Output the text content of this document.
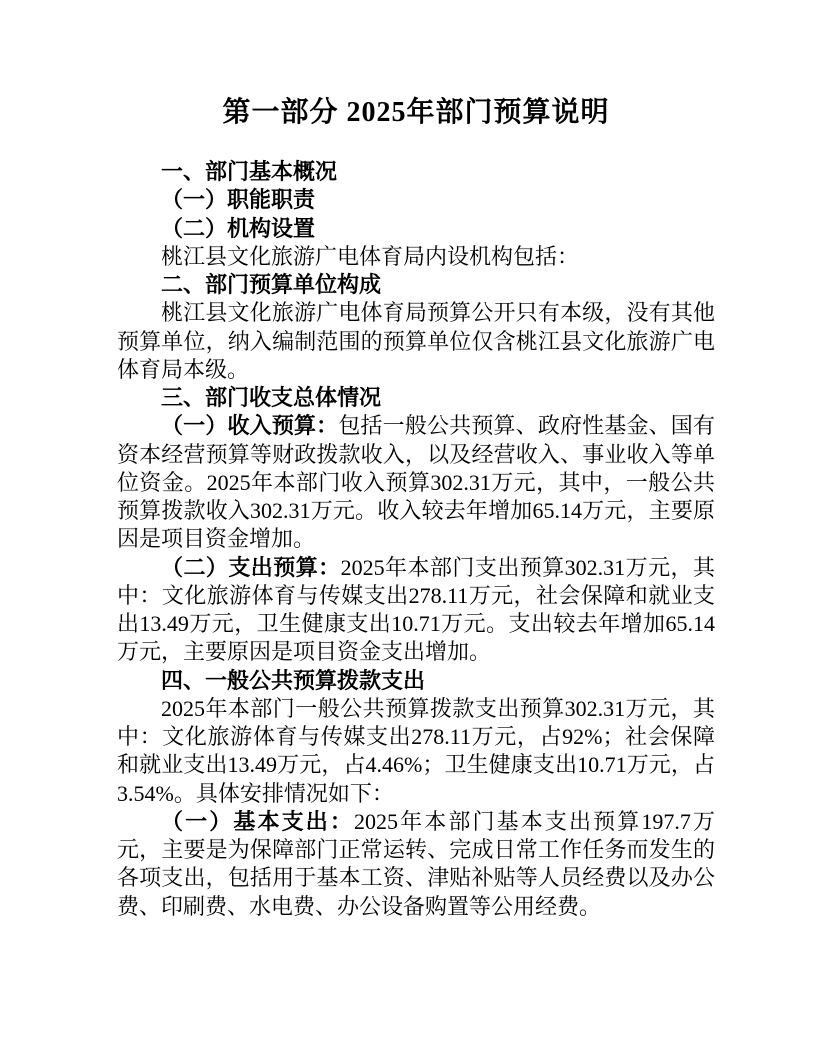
第一部分 2025年部门预算说明

一、部门基本概况

（一）职能职责

（二）机构设置

桃江县文化旅游广电体育局内设机构包括：

二、部门预算单位构成

桃江县文化旅游广电体育局预算公开只有本级，没有其他预算单位，纳入编制范围的预算单位仅含桃江县文化旅游广电体育局本级。

三、部门收支总体情况

（一）收入预算：包括一般公共预算、政府性基金、国有资本经营预算等财政拨款收入，以及经营收入、事业收入等单位资金。2025年本部门收入预算302.31万元，其中，一般公共预算拨款收入302.31万元。收入较去年增加65.14万元，主要原因是项目资金增加。

（二）支出预算：2025年本部门支出预算302.31万元，其中：文化旅游体育与传媒支出278.11万元，社会保障和就业支出13.49万元，卫生健康支出10.71万元。支出较去年增加65.14万元，主要原因是项目资金支出增加。

四、一般公共预算拨款支出

2025年本部门一般公共预算拨款支出预算302.31万元，其中：文化旅游体育与传媒支出278.11万元，占92%；社会保障和就业支出13.49万元，占4.46%；卫生健康支出10.71万元，占3.54%。具体安排情况如下：

（一）基本支出：2025年本部门基本支出预算197.7万元，主要是为保障部门正常运转、完成日常工作任务而发生的各项支出，包括用于基本工资、津贴补贴等人员经费以及办公费、印刷费、水电费、办公设备购置等公用经费。
